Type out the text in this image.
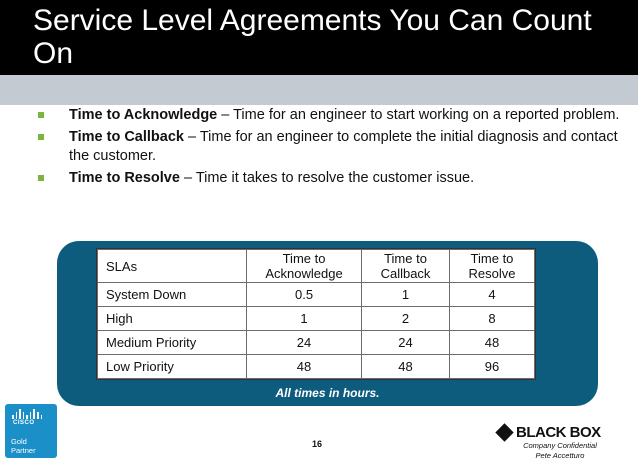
Service Level Agreements You Can Count On
Time to Acknowledge – Time for an engineer to start working on a reported problem.
Time to Callback – Time for an engineer to complete the initial diagnosis and contact the customer.
Time to Resolve – Time it takes to resolve the customer issue.
SLAs	Time to Acknowledge	Time to Callback	Time to Resolve
System Down	0.5	1	4
High	1	2	8
Medium Priority	24	24	48
Low Priority	48	48	96
All times in hours.
CISCO
Gold
Partner
16
BLACK BOX
Company Confidential
Pete Accetturo
